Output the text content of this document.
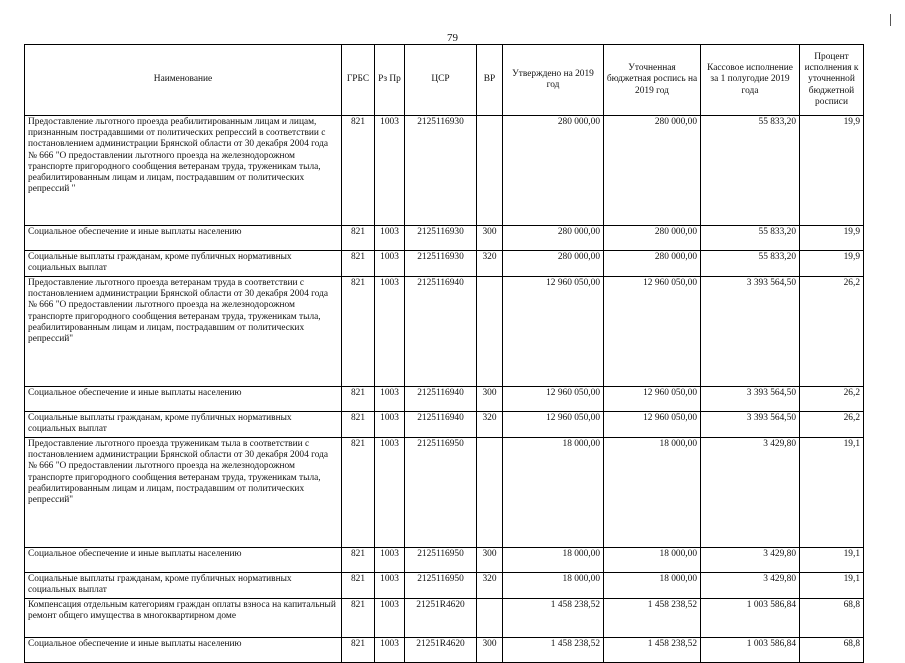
79
Наименование	ГРБС	Рз Пр	ЦСР	ВР	Утверждено на 2019 год	Уточненная бюджетная роспись на 2019 год	Кассовое исполнение за 1 полугодие 2019 года	Процент исполнения к уточненной бюджетной росписи
Предоставление льготного проезда реабилитированным лицам и лицам, признанным пострадавшими от политических репрессий в соответствии с постановлением администрации Брянской области от 30 декабря 2004 года № 666 "О предоставлении льготного проезда на железнодорожном транспорте пригородного сообщения ветеранам труда, труженикам тыла, реабилитированным лицам и лицам, пострадавшим от политических репрессий "	821	1003	2125116930		280 000,00	280 000,00	55 833,20	19,9
Социальное обеспечение и иные выплаты населению	821	1003	2125116930	300	280 000,00	280 000,00	55 833,20	19,9
Социальные выплаты гражданам, кроме публичных нормативных социальных выплат	821	1003	2125116930	320	280 000,00	280 000,00	55 833,20	19,9
Предоставление льготного проезда ветеранам труда в соответствии с постановлением администрации Брянской области от 30 декабря 2004 года № 666 "О предоставлении льготного проезда на железнодорожном транспорте пригородного сообщения ветеранам труда, труженикам тыла, реабилитированным лицам и лицам, пострадавшим от политических репрессий"	821	1003	2125116940		12 960 050,00	12 960 050,00	3 393 564,50	26,2
Социальное обеспечение и иные выплаты населению	821	1003	2125116940	300	12 960 050,00	12 960 050,00	3 393 564,50	26,2
Социальные выплаты гражданам, кроме публичных нормативных социальных выплат	821	1003	2125116940	320	12 960 050,00	12 960 050,00	3 393 564,50	26,2
Предоставление льготного проезда труженикам тыла в соответствии с постановлением администрации Брянской области от 30 декабря 2004 года № 666 "О предоставлении льготного проезда на железнодорожном транспорте пригородного сообщения ветеранам труда, труженикам тыла, реабилитированным лицам и лицам, пострадавшим от политических репрессий"	821	1003	2125116950		18 000,00	18 000,00	3 429,80	19,1
Социальное обеспечение и иные выплаты населению	821	1003	2125116950	300	18 000,00	18 000,00	3 429,80	19,1
Социальные выплаты гражданам, кроме публичных нормативных социальных выплат	821	1003	2125116950	320	18 000,00	18 000,00	3 429,80	19,1
Компенсация отдельным категориям граждан оплаты взноса на капитальный ремонт общего имущества в многоквартирном доме	821	1003	21251R4620		1 458 238,52	1 458 238,52	1 003 586,84	68,8
Социальное обеспечение и иные выплаты населению	821	1003	21251R4620	300	1 458 238,52	1 458 238,52	1 003 586,84	68,8
